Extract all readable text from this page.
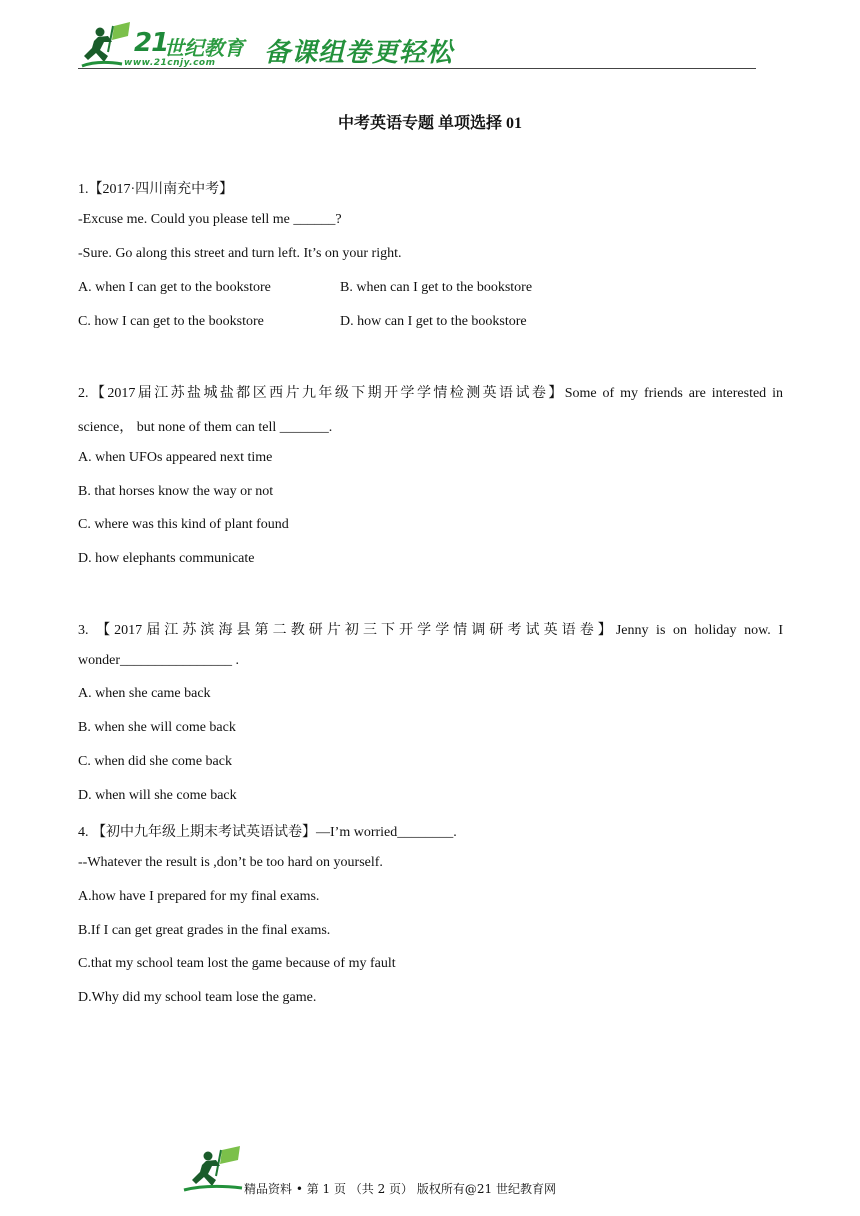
21
世纪教育
www.21cnjy.com 备课组卷更轻松
中考英语专题 单项选择 01
1.【2017·四川南充中考】
-Excuse me. Could you please tell me ______?
-Sure. Go along this street and turn left. It’s on your right.
A. when I can get to the bookstore	B. when can I get to the bookstore
C. how I can get to the bookstore	D. how can I get to the bookstore
2.【2017届江苏盐城盐都区西片九年级下期开学学情检测英语试卷】Some of my friends are interested in
science， but none of them can tell _______.
A. when UFOs appeared next time
B. that horses know the way or not
C. where was this kind of plant found
D. how elephants communicate
3. 【2017届江苏滨海县第二教研片初三下开学学情调研考试英语卷】Jenny is on holiday now. I
wonder________________ .
A. when she came back
B. when she will come back
C. when did she come back
D. when will she come back
4. 【初中九年级上期末考试英语试卷】—I’m worried________.
--Whatever the result is ,don’t be too hard on yourself.
A.how have I prepared for my final exams.
B.If I can get great grades in the final exams.
C.that my school team lost the game because of my fault
D.Why did my school team lose the game.
精品资料 • 第 1 页 （共 2 页） 版权所有@21 世纪教育网
